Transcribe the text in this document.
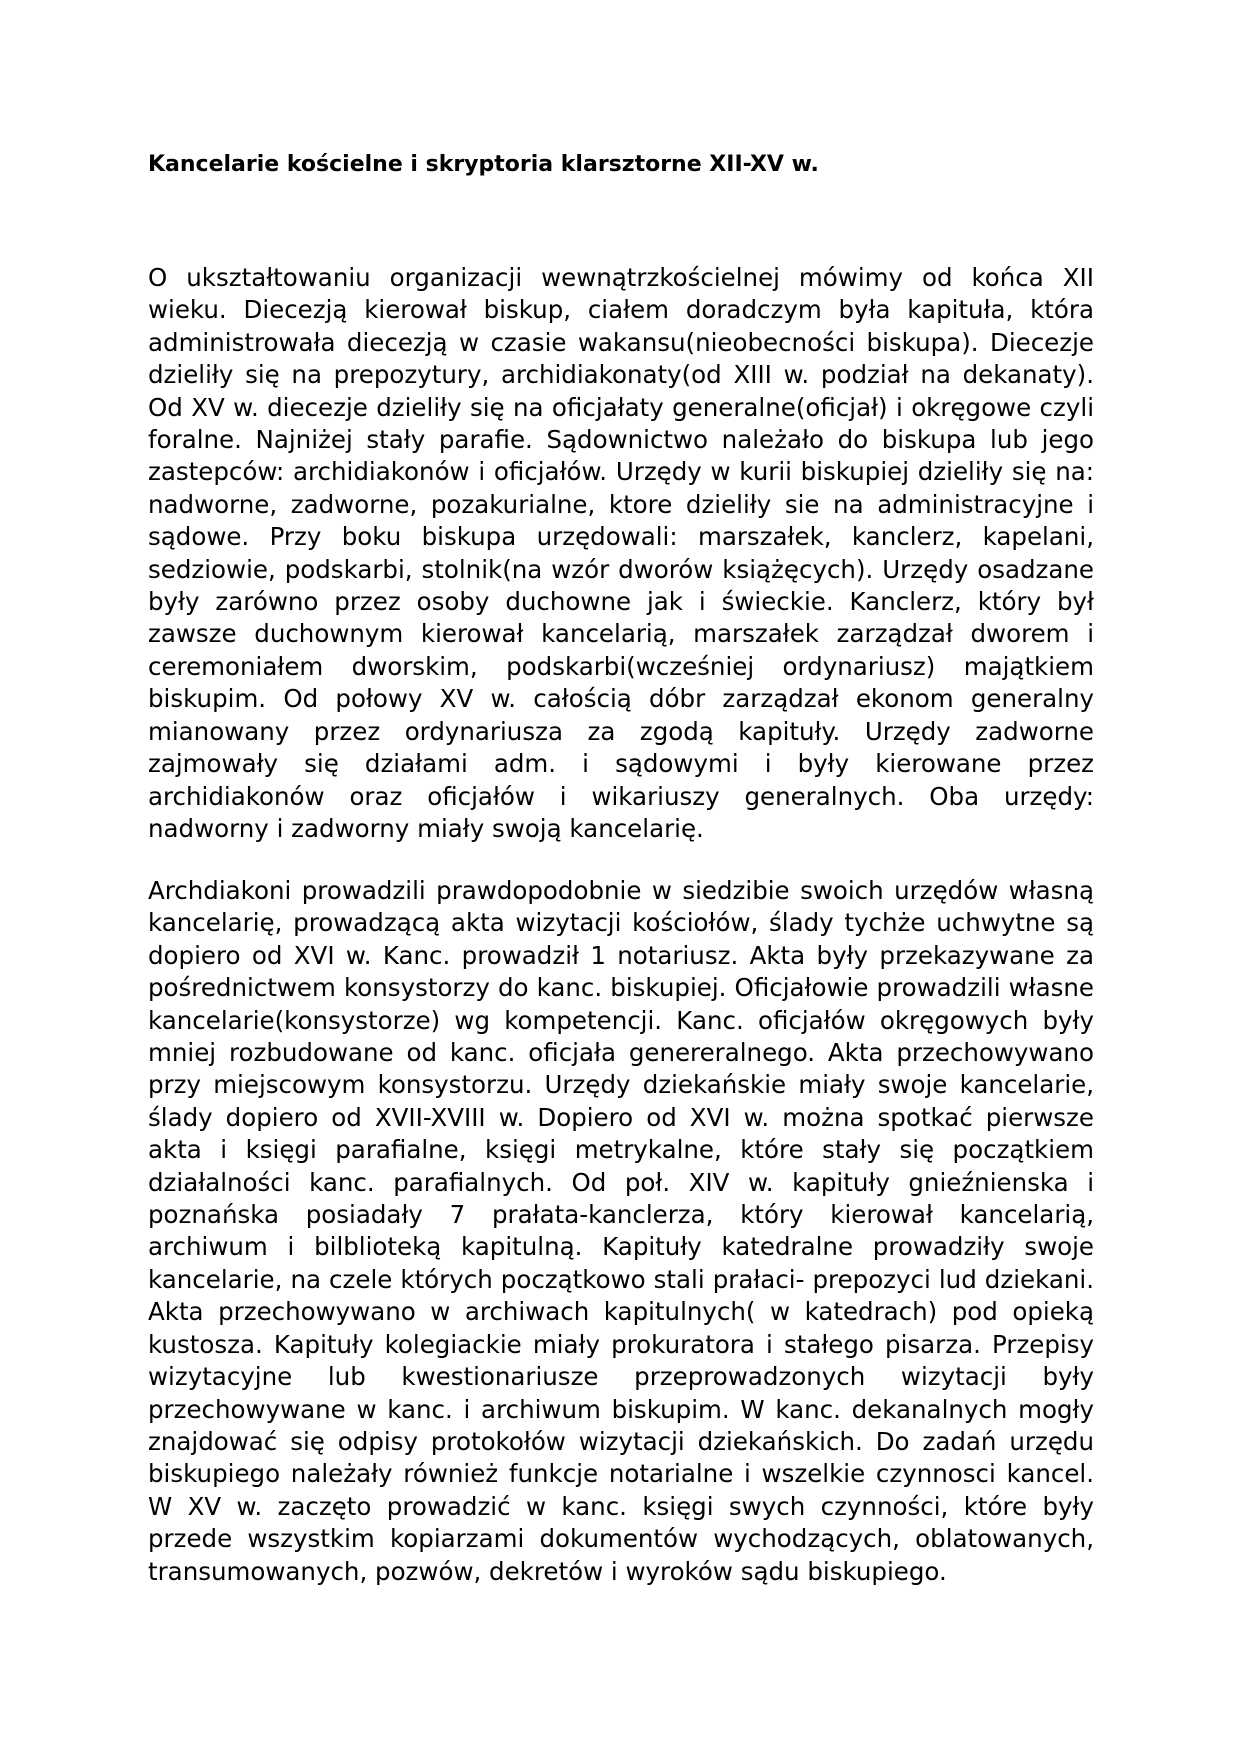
Kancelarie kościelne i skryptoria klarsztorne XII-XV w.

O ukształtowaniu organizacji wewnątrzkościelnej mówimy od końca XII wieku. Diecezją kierował biskup, ciałem doradczym była kapituła, która administrowała diecezją w czasie wakansu(nieobecności biskupa). Diecezje dzieliły się na prepozytury, archidiakonaty(od XIII w. podział na dekanaty). Od XV w. diecezje dzieliły się na oficjałaty generalne(oficjał) i okręgowe czyli foralne. Najniżej stały parafie. Sądownictwo należało do biskupa lub jego zastepców: archidiakonów i oficjałów. Urzędy w kurii biskupiej dzieliły się na: nadworne, zadworne, pozakurialne, ktore dzieliły sie na administracyjne i sądowe. Przy boku biskupa urzędowali: marszałek, kanclerz, kapelani, sedziowie, podskarbi, stolnik(na wzór dworów książęcych). Urzędy osadzane były zarówno przez osoby duchowne jak i świeckie. Kanclerz, który był zawsze duchownym kierował kancelarią, marszałek zarządzał dworem i ceremoniałem dworskim, podskarbi(wcześniej ordynariusz) majątkiem biskupim. Od połowy XV w. całością dóbr zarządzał ekonom generalny mianowany przez ordynariusza za zgodą kapituły. Urzędy zadworne zajmowały się działami adm. i sądowymi i były kierowane przez archidiakonów oraz oficjałów i wikariuszy generalnych. Oba urzędy: nadworny i zadworny miały swoją kancelarię.

Archdiakoni prowadzili prawdopodobnie w siedzibie swoich urzędów własną kancelarię, prowadzącą akta wizytacji kościołów, ślady tychże uchwytne są dopiero od XVI w. Kanc. prowadził 1 notariusz. Akta były przekazywane za pośrednictwem konsystorzy do kanc. biskupiej. Oficjałowie prowadzili własne kancelarie(konsystorze) wg kompetencji. Kanc. oficjałów okręgowych były mniej rozbudowane od kanc. oficjała genereralnego. Akta przechowywano przy miejscowym konsystorzu. Urzędy dziekańskie miały swoje kancelarie, ślady dopiero od XVII-XVIII w. Dopiero od XVI w. można spotkać pierwsze akta i księgi parafialne, księgi metrykalne, które stały się początkiem działalności kanc. parafialnych. Od poł. XIV w. kapituły gnieźnienska i poznańska posiadały 7 prałata-kanclerza, który kierował kancelarią, archiwum i bilblioteką kapitulną. Kapituły katedralne prowadziły swoje kancelarie, na czele których początkowo stali prałaci- prepozyci lud dziekani. Akta przechowywano w archiwach kapitulnych( w katedrach) pod opieką kustosza. Kapituły kolegiackie miały prokuratora i stałego pisarza. Przepisy wizytacyjne lub kwestionariusze przeprowadzonych wizytacji były przechowywane w kanc. i archiwum biskupim. W kanc. dekanalnych mogły znajdować się odpisy protokołów wizytacji dziekańskich. Do zadań urzędu biskupiego należały również funkcje notarialne i wszelkie czynnosci kancel. W XV w. zaczęto prowadzić w kanc. księgi swych czynności, które były przede wszystkim kopiarzami dokumentów wychodzących, oblatowanych, transumowanych, pozwów, dekretów i wyroków sądu biskupiego.
